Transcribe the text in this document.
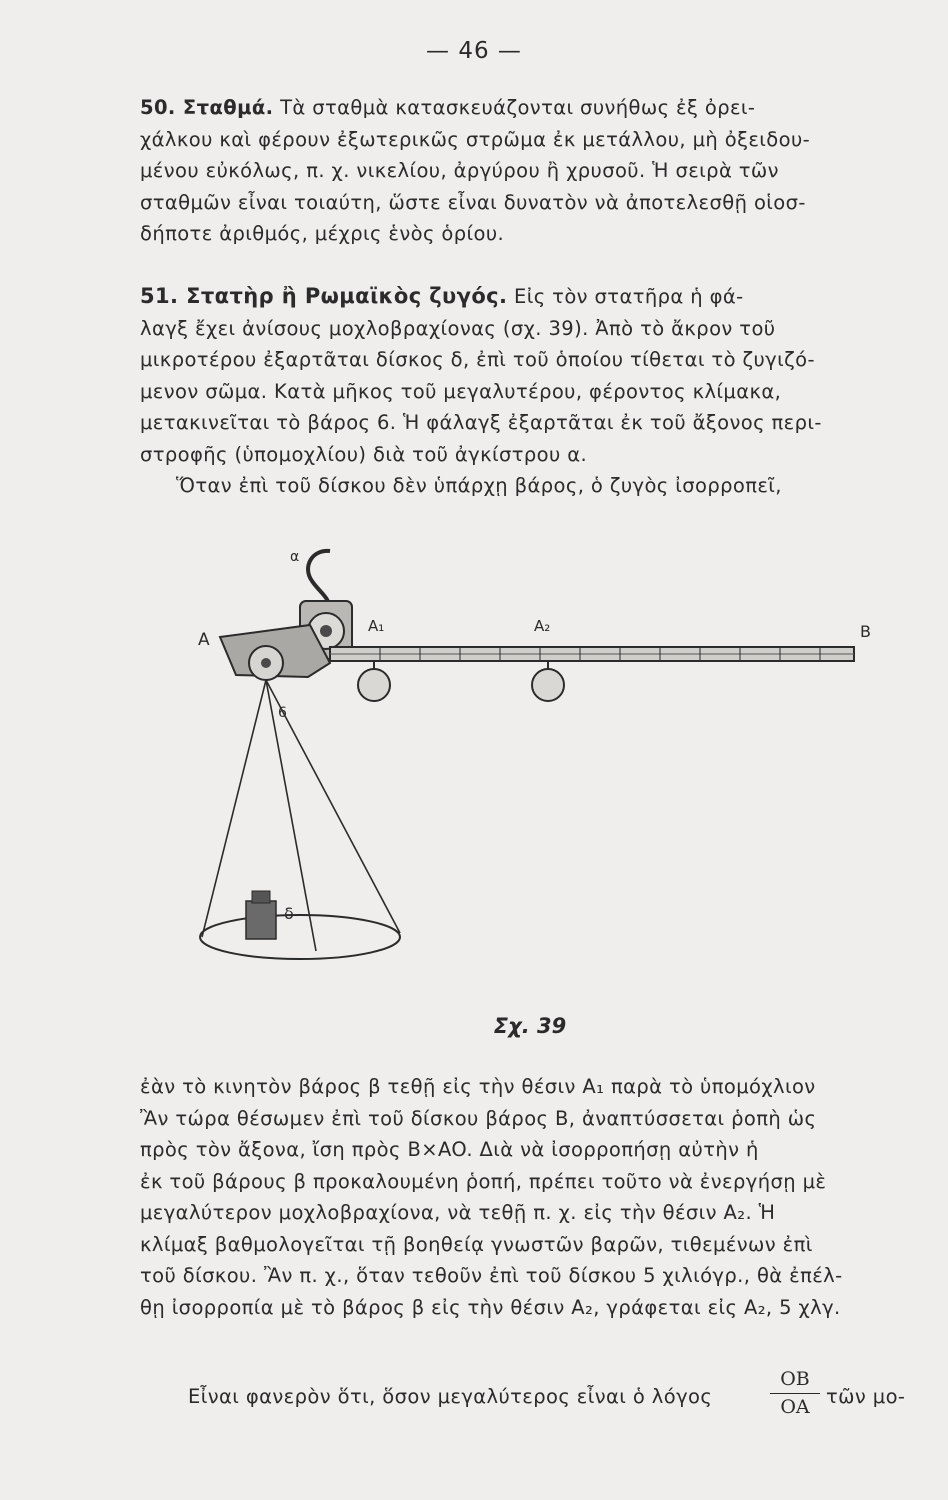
— 46 —
50. Σταθμά. Τὰ σταθμὰ κατασκευάζονται συνήθως ἐξ ὀρει-
χάλκου καὶ φέρουν ἐξωτερικῶς στρῶμα ἐκ μετάλλου, μὴ ὀξειδου-
μένου εὐκόλως, π. χ. νικελίου, ἀργύρου ἢ χρυσοῦ. Ἡ σειρὰ τῶν
σταθμῶν εἶναι τοιαύτη, ὥστε εἶναι δυνατὸν νὰ ἀποτελεσθῇ οἱοσ-
δήποτε ἀριθμός, μέχρις ἑνὸς ὁρίου.
51. Στατὴρ ἢ Ρωμαϊκὸς ζυγός. Εἰς τὸν στατῆρα ἡ φά-
λαγξ ἔχει ἀνίσους μοχλοβραχίονας (σχ. 39). Ἀπὸ τὸ ἄκρον τοῦ
μικροτέρου ἐξαρτᾶται δίσκος δ, ἐπὶ τοῦ ὁποίου τίθεται τὸ ζυγιζό-
μενον σῶμα. Κατὰ μῆκος τοῦ μεγαλυτέρου, φέροντος κλίμακα,
μετακινεῖται τὸ βάρος 6. Ἡ φάλαγξ ἐξαρτᾶται ἐκ τοῦ ἄξονος περι-
στροφῆς (ὑπομοχλίου) διὰ τοῦ ἀγκίστρου α.
Ὅταν ἐπὶ τοῦ δίσκου δὲν ὑπάρχῃ βάρος, ὁ ζυγὸς ἰσορροπεῖ,
A
A₁	A₂	B
α
6
δ
Σχ. 39
ἐὰν τὸ κινητὸν βάρος β τεθῇ εἰς τὴν θέσιν A₁ παρὰ τὸ ὑπομόχλιον
Ἂν τώρα θέσωμεν ἐπὶ τοῦ δίσκου βάρος B, ἀναπτύσσεται ῥοπὴ ὡς
πρὸς τὸν ἄξονα, ἴση πρὸς B×AO. Διὰ νὰ ἰσορροπήσῃ αὐτὴν ἡ
ἐκ τοῦ βάρους β προκαλουμένη ῥοπή, πρέπει τοῦτο νὰ ἐνεργήσῃ μὲ
μεγαλύτερον μοχλοβραχίονα, νὰ τεθῇ π. χ. εἰς τὴν θέσιν A₂. Ἡ
κλίμαξ βαθμολογεῖται τῇ βοηθείᾳ γνωστῶν βαρῶν, τιθεμένων ἐπὶ
τοῦ δίσκου. Ἂν π. χ., ὅταν τεθοῦν ἐπὶ τοῦ δίσκου 5 χιλιόγρ., θὰ ἐπέλ-
θῃ ἰσορροπία μὲ τὸ βάρος β εἰς τὴν θέσιν A₂, γράφεται εἰς A₂, 5 χλγ.
Εἶναι φανερὸν ὅτι, ὅσον μεγαλύτερος εἶναι ὁ λόγος	$\frac{OB}{OA}$ τῶν μο-
